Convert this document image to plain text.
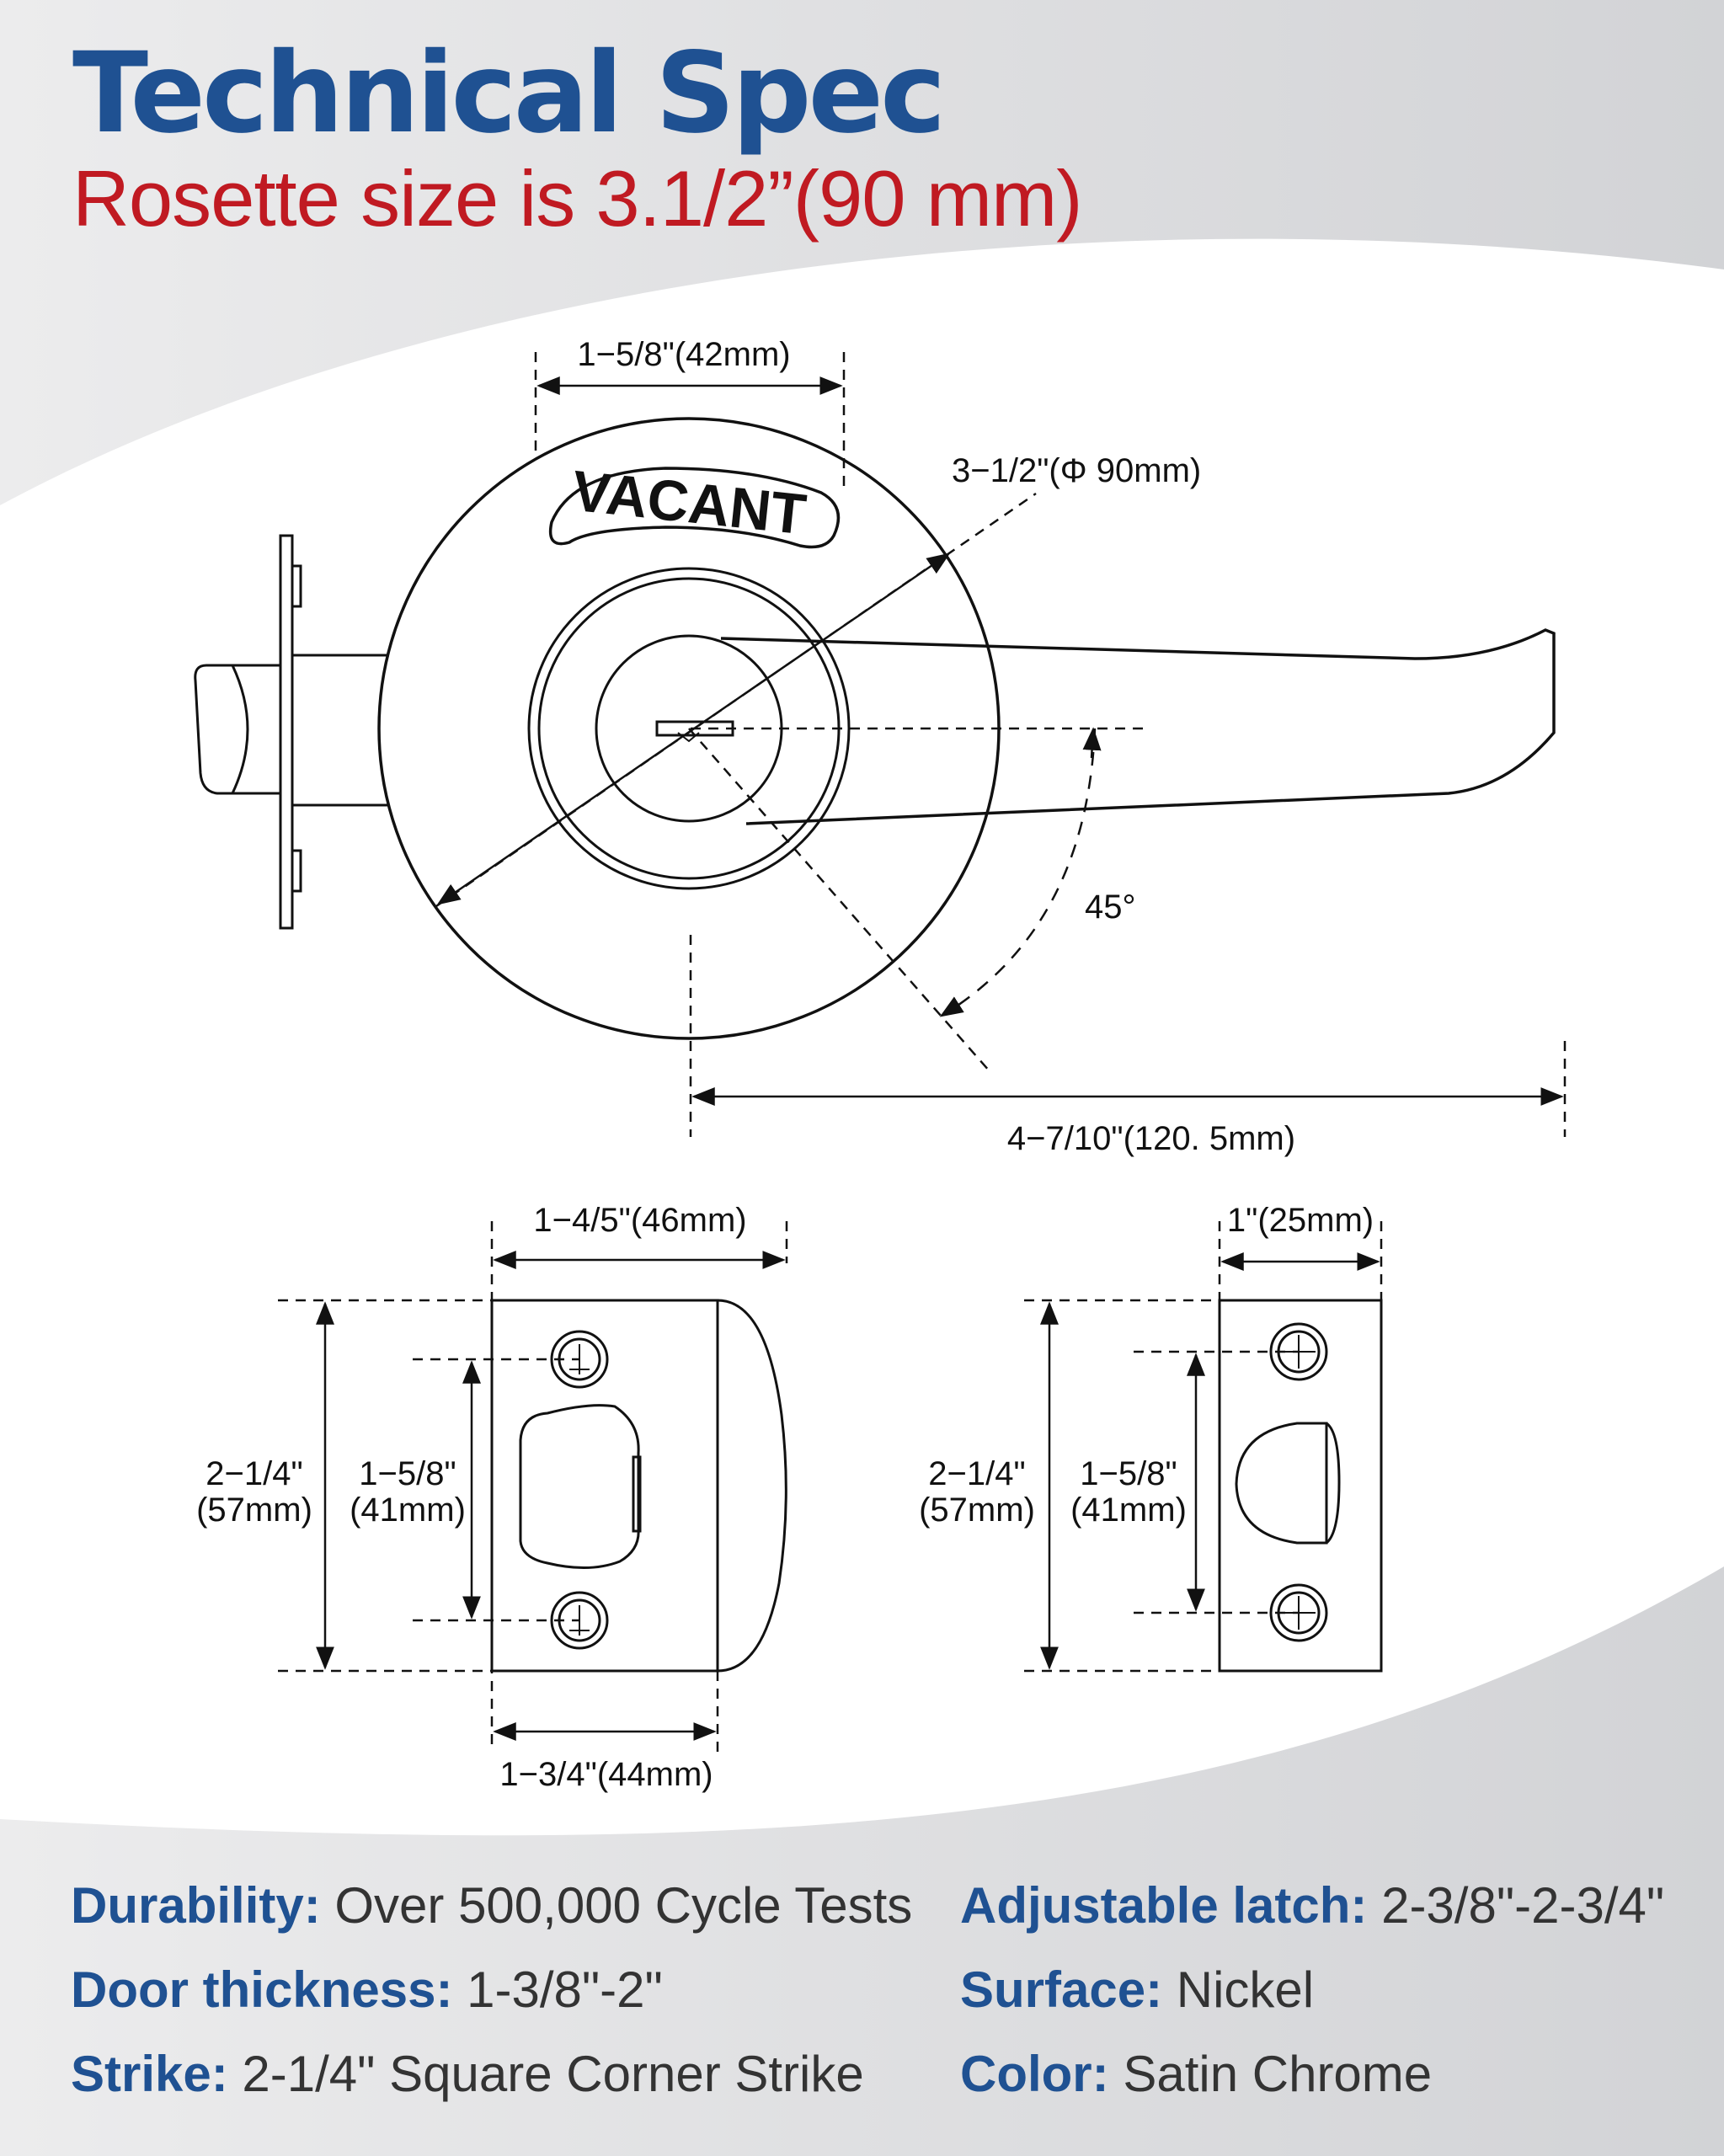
Technical Spec

Rosette size is 3.1/2”(90 mm)

VACANT
1−5/8"(42mm)
3−1/2"(Φ 90mm)
45°
4−7/10"(120. 5mm)
1−4/5"(46mm)
2−1/4"
(57mm)
1−5/8"
(41mm)
1−3/4"(44mm)
1"(25mm)
2−1/4"
(57mm)
1−5/8"
(41mm)
Durability: Over 500,000 Cycle Tests Adjustable latch: 2-3/8"-2-3/4"
Door thickness: 1-3/8"-2"	Surface: Nickel
Strike: 2-1/4" Square Corner Strike Color: Satin Chrome
